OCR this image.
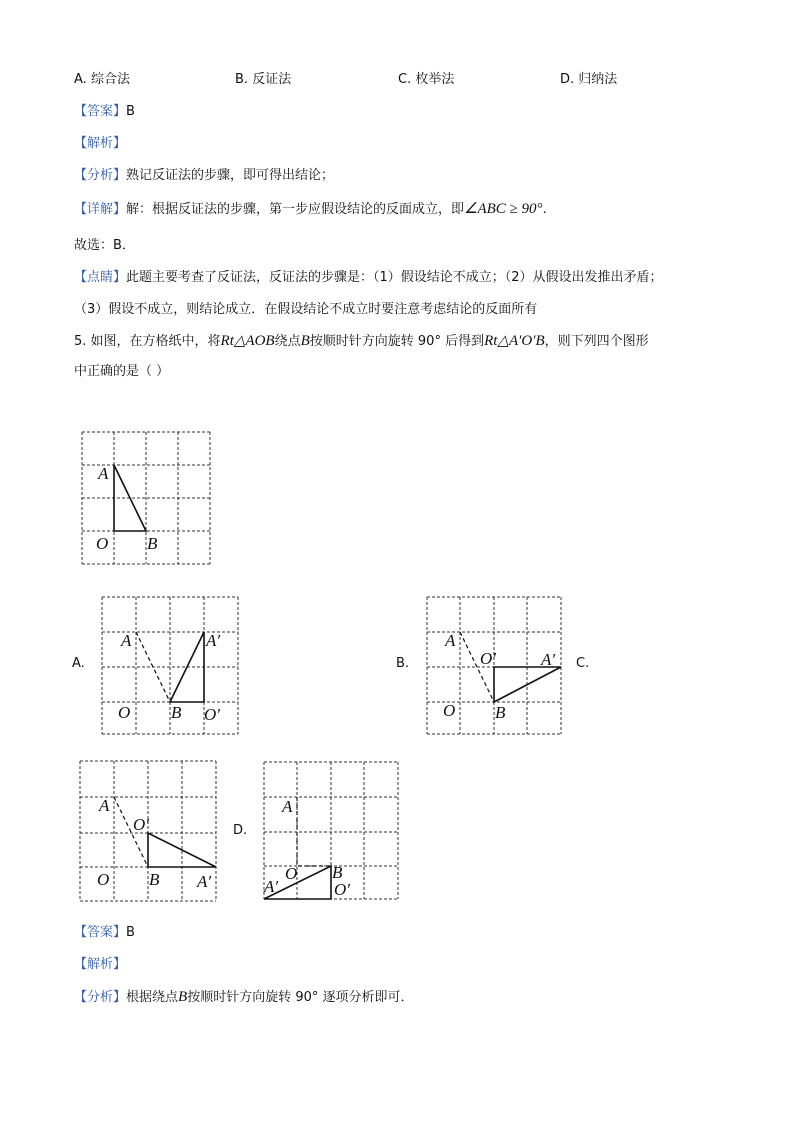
A. 综合法	B. 反证法	C. 枚举法	D. 归纳法
【答案】B
【解析】
【分析】熟记反证法的步骤，即可得出结论；
【详解】解：根据反证法的步骤，第一步应假设结论的反面成立，即∠ABC ≥ 90°.
故选：B．
【点睛】此题主要考查了反证法，反证法的步骤是：（1）假设结论不成立；（2）从假设出发推出矛盾；
（3）假设不成立，则结论成立．在假设结论不成立时要注意考虑结论的反面所有
5. 如图，在方格纸中，将Rt△AOB绕点B按顺时针方向旋转 90° 后得到Rt△A′O′B，则下列四个图形
中正确的是（ ）
A
O B
A.
A
O B
A′
O′
B.
A
O B
O′	A′ C.
A
O B
O′
A′
D.
A
O B
O′
A′
【答案】B
【解析】
【分析】根据绕点B按顺时针方向旋转 90° 逐项分析即可．
